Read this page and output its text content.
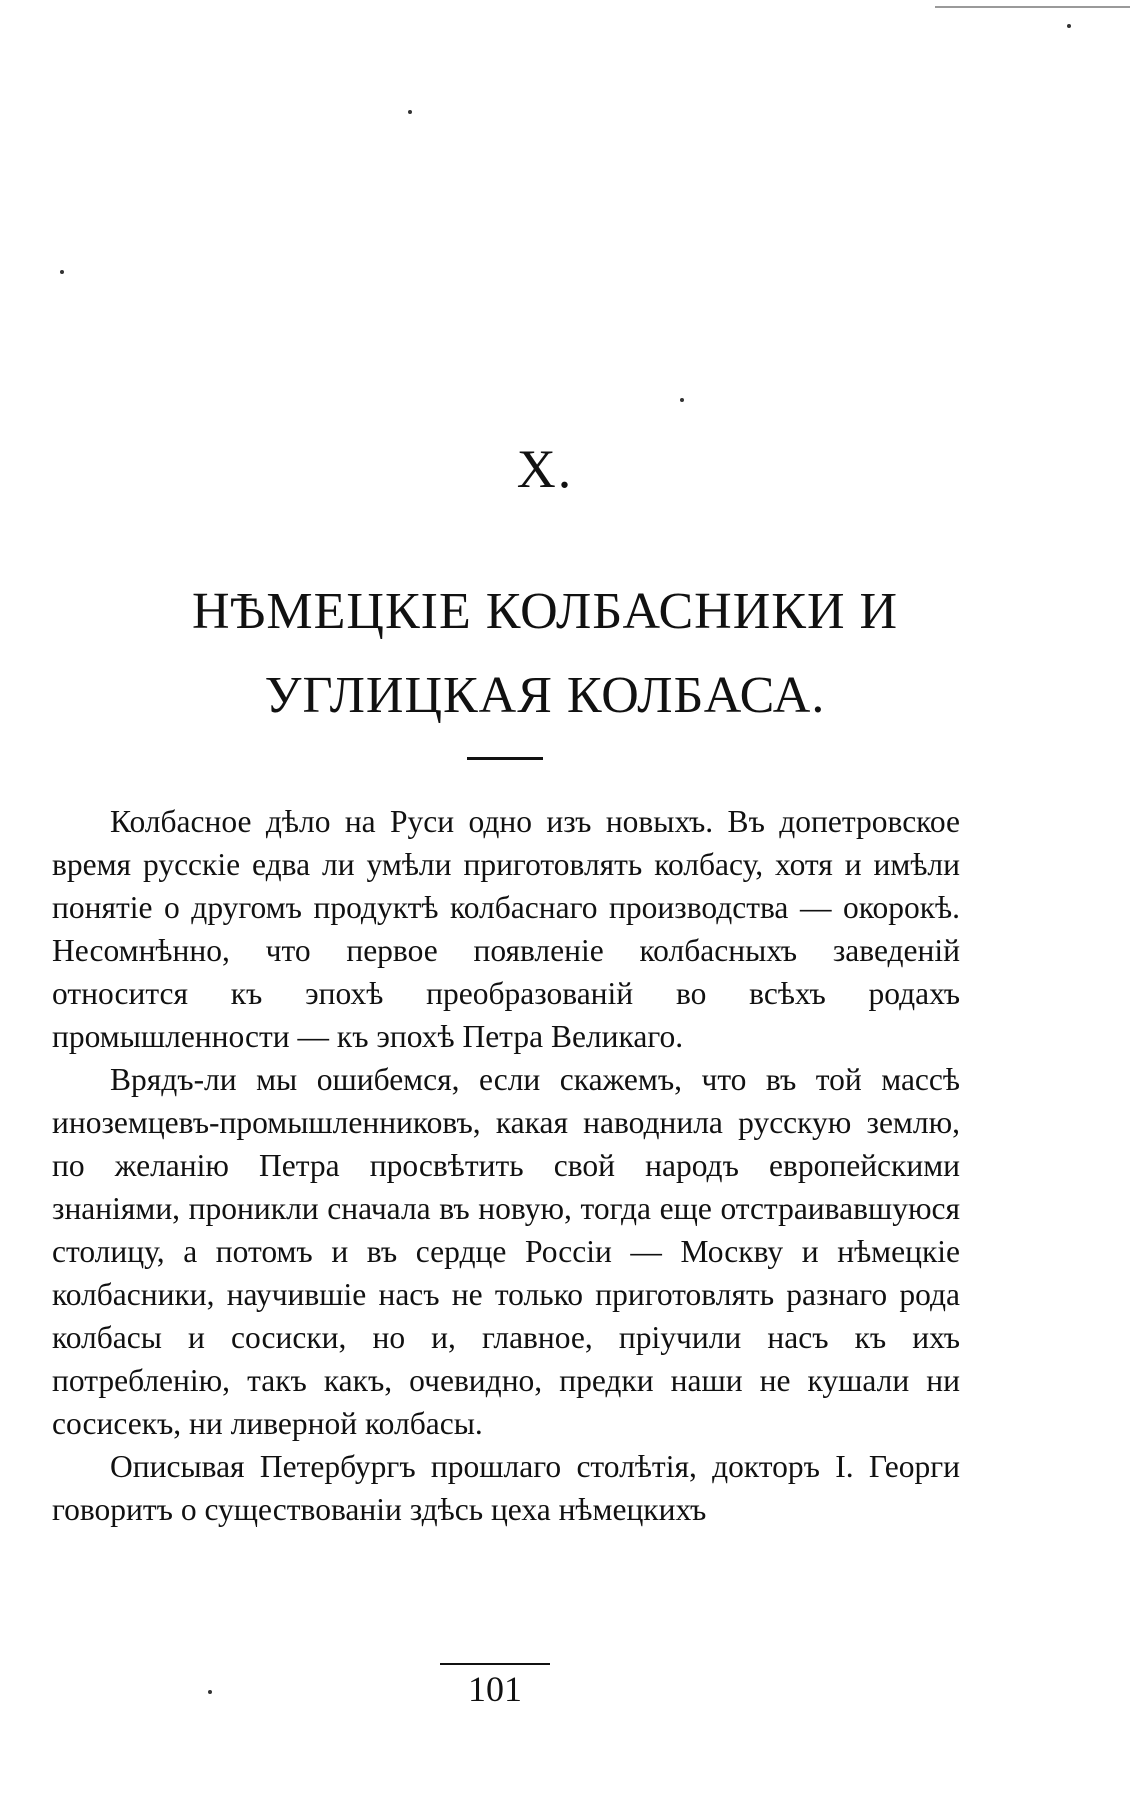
X.
НѢМЕЦКІЕ КОЛБАСНИКИ И
УГЛИЦКАЯ КОЛБАСА.

Колбасное дѣло на Руси одно изъ новыхъ. Въ допетровское время русскіе едва ли умѣли приготовлять колбасу, хотя и имѣли понятіе о другомъ продуктѣ колбаснаго производства — окорокѣ. Несомнѣнно, что первое появленіе колбасныхъ заведеній относится къ эпохѣ преобразованій во всѣхъ родахъ промышленности — къ эпохѣ Петра Великаго.

Врядъ-ли мы ошибемся, если скажемъ, что въ той массѣ иноземцевъ-промышленниковъ, какая наводнила русскую землю, по желанію Петра просвѣтить свой народъ европейскими знаніями, проникли сначала въ новую, тогда еще отстраивавшуюся столицу, а потомъ и въ сердце Россіи — Москву и нѣмецкіе колбасники, научившіе насъ не только приготовлять разнаго рода колбасы и сосиски, но и, главное, пріучили насъ къ ихъ потребленію, такъ какъ, очевидно, предки наши не кушали ни сосисекъ, ни ливерной колбасы.

Описывая Петербургъ прошлаго столѣтія, докторъ І. Георги говоритъ о существованіи здѣсь цеха нѣмецкихъ

101
